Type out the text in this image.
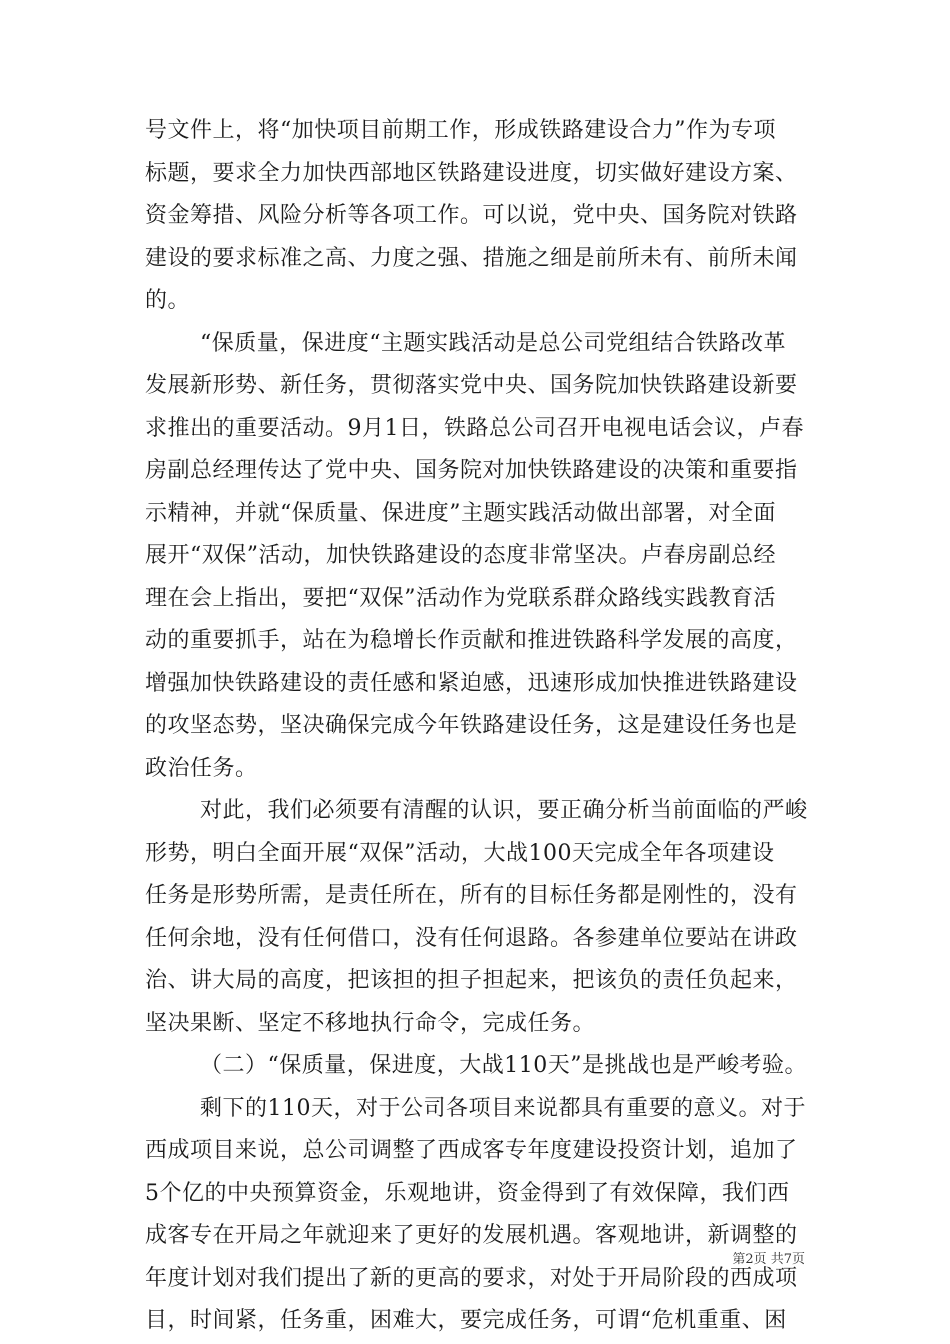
号文件上，将“加快项目前期工作，形成铁路建设合力”作为专项
标题，要求全力加快西部地区铁路建设进度，切实做好建设方案、
资金筹措、风险分析等各项工作。可以说，党中央、国务院对铁路
建设的要求标准之高、力度之强、措施之细是前所未有、前所未闻
的。
“保质量，保进度“主题实践活动是总公司党组结合铁路改革
发展新形势、新任务，贯彻落实党中央、国务院加快铁路建设新要
求推出的重要活动。9月1日，铁路总公司召开电视电话会议，卢春
房副总经理传达了党中央、国务院对加快铁路建设的决策和重要指
示精神，并就“保质量、保进度”主题实践活动做出部署，对全面
展开“双保”活动，加快铁路建设的态度非常坚决。卢春房副总经
理在会上指出，要把“双保”活动作为党联系群众路线实践教育活
动的重要抓手，站在为稳增长作贡献和推进铁路科学发展的高度，
增强加快铁路建设的责任感和紧迫感，迅速形成加快推进铁路建设
的攻坚态势，坚决确保完成今年铁路建设任务，这是建设任务也是
政治任务。
对此，我们必须要有清醒的认识，要正确分析当前面临的严峻
形势，明白全面开展“双保”活动，大战100天完成全年各项建设
任务是形势所需，是责任所在，所有的目标任务都是刚性的，没有
任何余地，没有任何借口，没有任何退路。各参建单位要站在讲政
治、讲大局的高度，把该担的担子担起来，把该负的责任负起来，
坚决果断、坚定不移地执行命令，完成任务。
（二）“保质量，保进度，大战110天”是挑战也是严峻考验。
剩下的110天，对于公司各项目来说都具有重要的意义。对于
西成项目来说，总公司调整了西成客专年度建设投资计划，追加了
5个亿的中央预算资金，乐观地讲，资金得到了有效保障，我们西
成客专在开局之年就迎来了更好的发展机遇。客观地讲，新调整的
年度计划对我们提出了新的更高的要求，对处于开局阶段的西成项
目，时间紧，任务重，困难大，要完成任务，可谓“危机重重、困
第2页 共7页
